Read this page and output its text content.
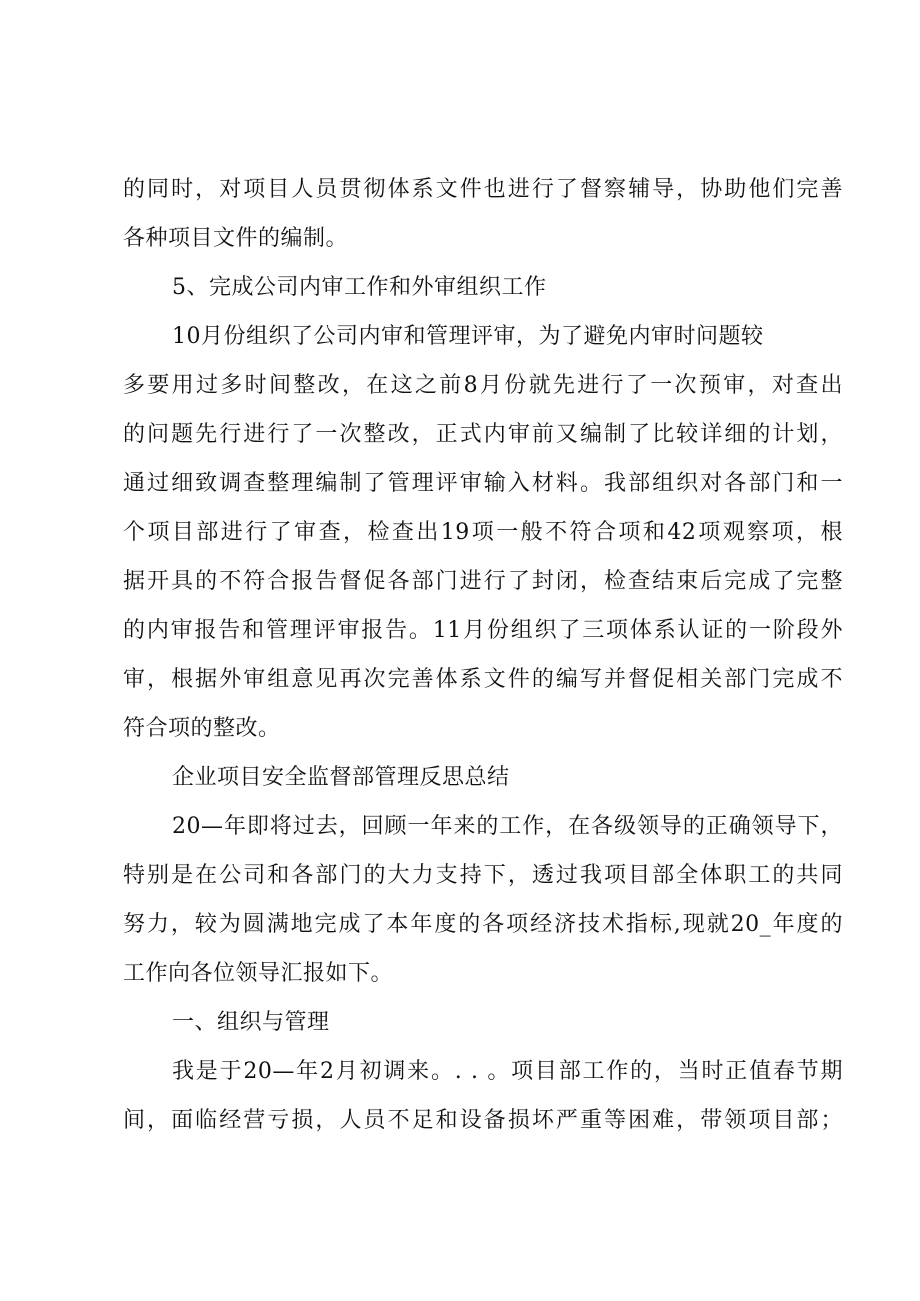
的同时，对项目人员贯彻体系文件也进行了督察辅导，协助他们完善
各种项目文件的编制。
5、完成公司内审工作和外审组织工作
10月份组织了公司内审和管理评审，为了避免内审时问题较
多要用过多时间整改，在这之前8月份就先进行了一次预审，对查出
的问题先行进行了一次整改，正式内审前又编制了比较详细的计划，
通过细致调查整理编制了管理评审输入材料。我部组织对各部门和一
个项目部进行了审查，检查出19项一般不符合项和42项观察项，根
据开具的不符合报告督促各部门进行了封闭，检查结束后完成了完整
的内审报告和管理评审报告。11月份组织了三项体系认证的一阶段外
审，根据外审组意见再次完善体系文件的编写并督促相关部门完成不
符合项的整改。
企业项目安全监督部管理反思总结
20—年即将过去，回顾一年来的工作，在各级领导的正确领导下，
特别是在公司和各部门的大力支持下，透过我项目部全体职工的共同
努力，较为圆满地完成了本年度的各项经济技术指标,现就20_年度的
工作向各位领导汇报如下。
一、组织与管理
我是于20—年2月初调来。. . 。项目部工作的，当时正值春节期
间，面临经营亏损，人员不足和设备损坏严重等困难，带领项目部；
